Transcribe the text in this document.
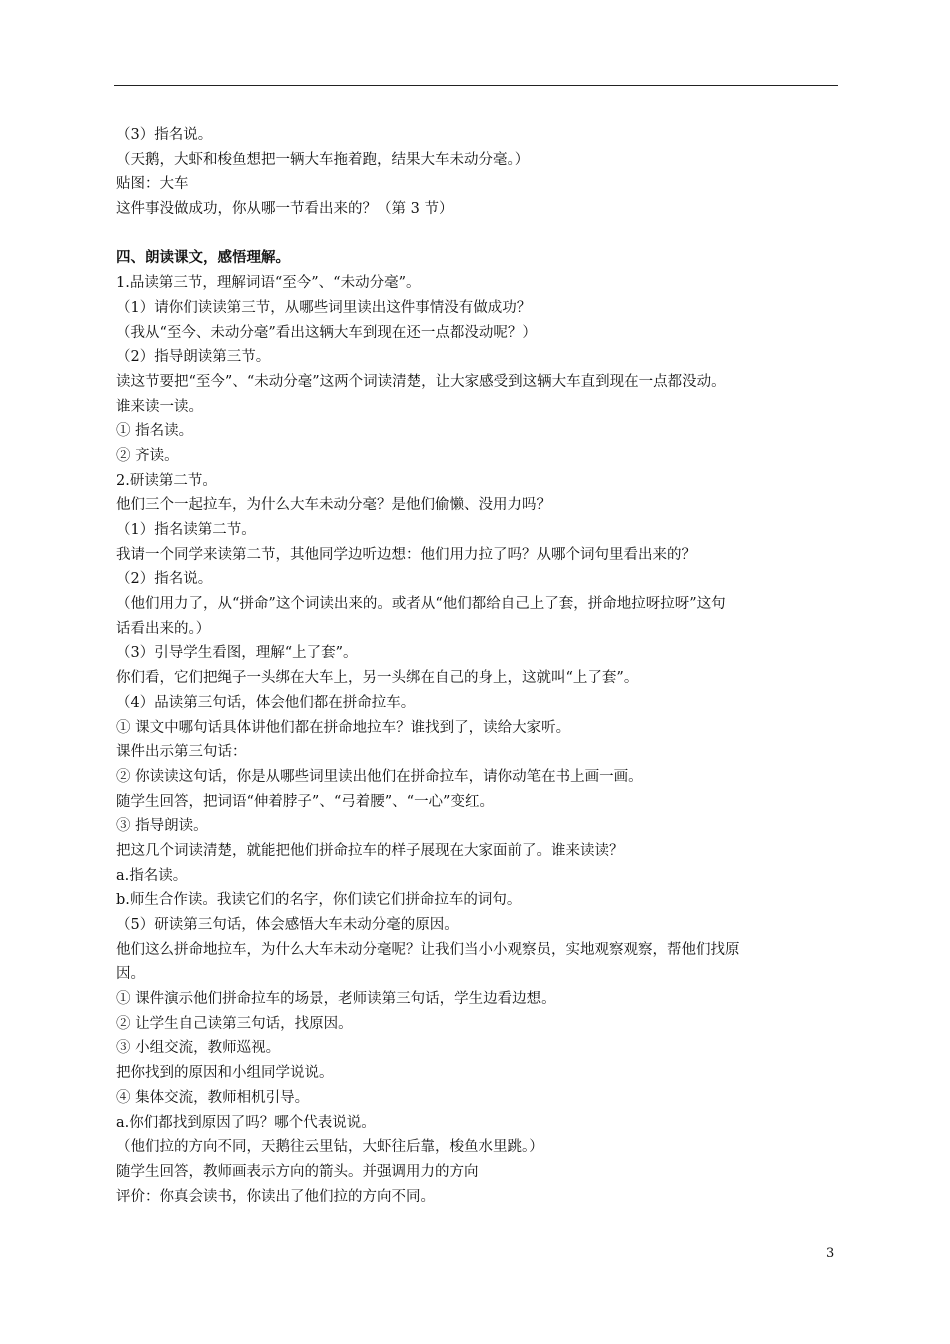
（3）指名说。
（天鹅，大虾和梭鱼想把一辆大车拖着跑，结果大车未动分毫。）
贴图：大车
这件事没做成功，你从哪一节看出来的？（第 3 节）
四、朗读课文，感悟理解。
1.品读第三节，理解词语“至今”、“未动分毫”。
（1）请你们读读第三节，从哪些词里读出这件事情没有做成功？
（我从“至今、未动分毫”看出这辆大车到现在还一点都没动呢？）
（2）指导朗读第三节。
读这节要把“至今”、“未动分毫”这两个词读清楚，让大家感受到这辆大车直到现在一点都没动。
谁来读一读。
① 指名读。
② 齐读。
2.研读第二节。
他们三个一起拉车，为什么大车未动分毫？是他们偷懒、没用力吗？
（1）指名读第二节。
我请一个同学来读第二节，其他同学边听边想：他们用力拉了吗？从哪个词句里看出来的？
（2）指名说。
（他们用力了，从“拼命”这个词读出来的。或者从“他们都给自己上了套，拼命地拉呀拉呀”这句
话看出来的。）
（3）引导学生看图，理解“上了套”。
你们看，它们把绳子一头绑在大车上，另一头绑在自己的身上，这就叫“上了套”。
（4）品读第三句话，体会他们都在拼命拉车。
① 课文中哪句话具体讲他们都在拼命地拉车？谁找到了，读给大家听。
课件出示第三句话：
② 你读读这句话，你是从哪些词里读出他们在拼命拉车，请你动笔在书上画一画。
随学生回答，把词语“伸着脖子”、“弓着腰”、“一心”变红。
③ 指导朗读。
把这几个词读清楚，就能把他们拼命拉车的样子展现在大家面前了。谁来读读？
a.指名读。
b.师生合作读。我读它们的名字，你们读它们拼命拉车的词句。
（5）研读第三句话，体会感悟大车未动分毫的原因。
他们这么拼命地拉车，为什么大车未动分毫呢？让我们当小小观察员，实地观察观察，帮他们找原
因。
① 课件演示他们拼命拉车的场景，老师读第三句话，学生边看边想。
② 让学生自己读第三句话，找原因。
③ 小组交流，教师巡视。
把你找到的原因和小组同学说说。
④ 集体交流，教师相机引导。
a.你们都找到原因了吗？哪个代表说说。
（他们拉的方向不同，天鹅往云里钻，大虾往后靠，梭鱼水里跳。）
随学生回答，教师画表示方向的箭头。并强调用力的方向
评价：你真会读书，你读出了他们拉的方向不同。
3
